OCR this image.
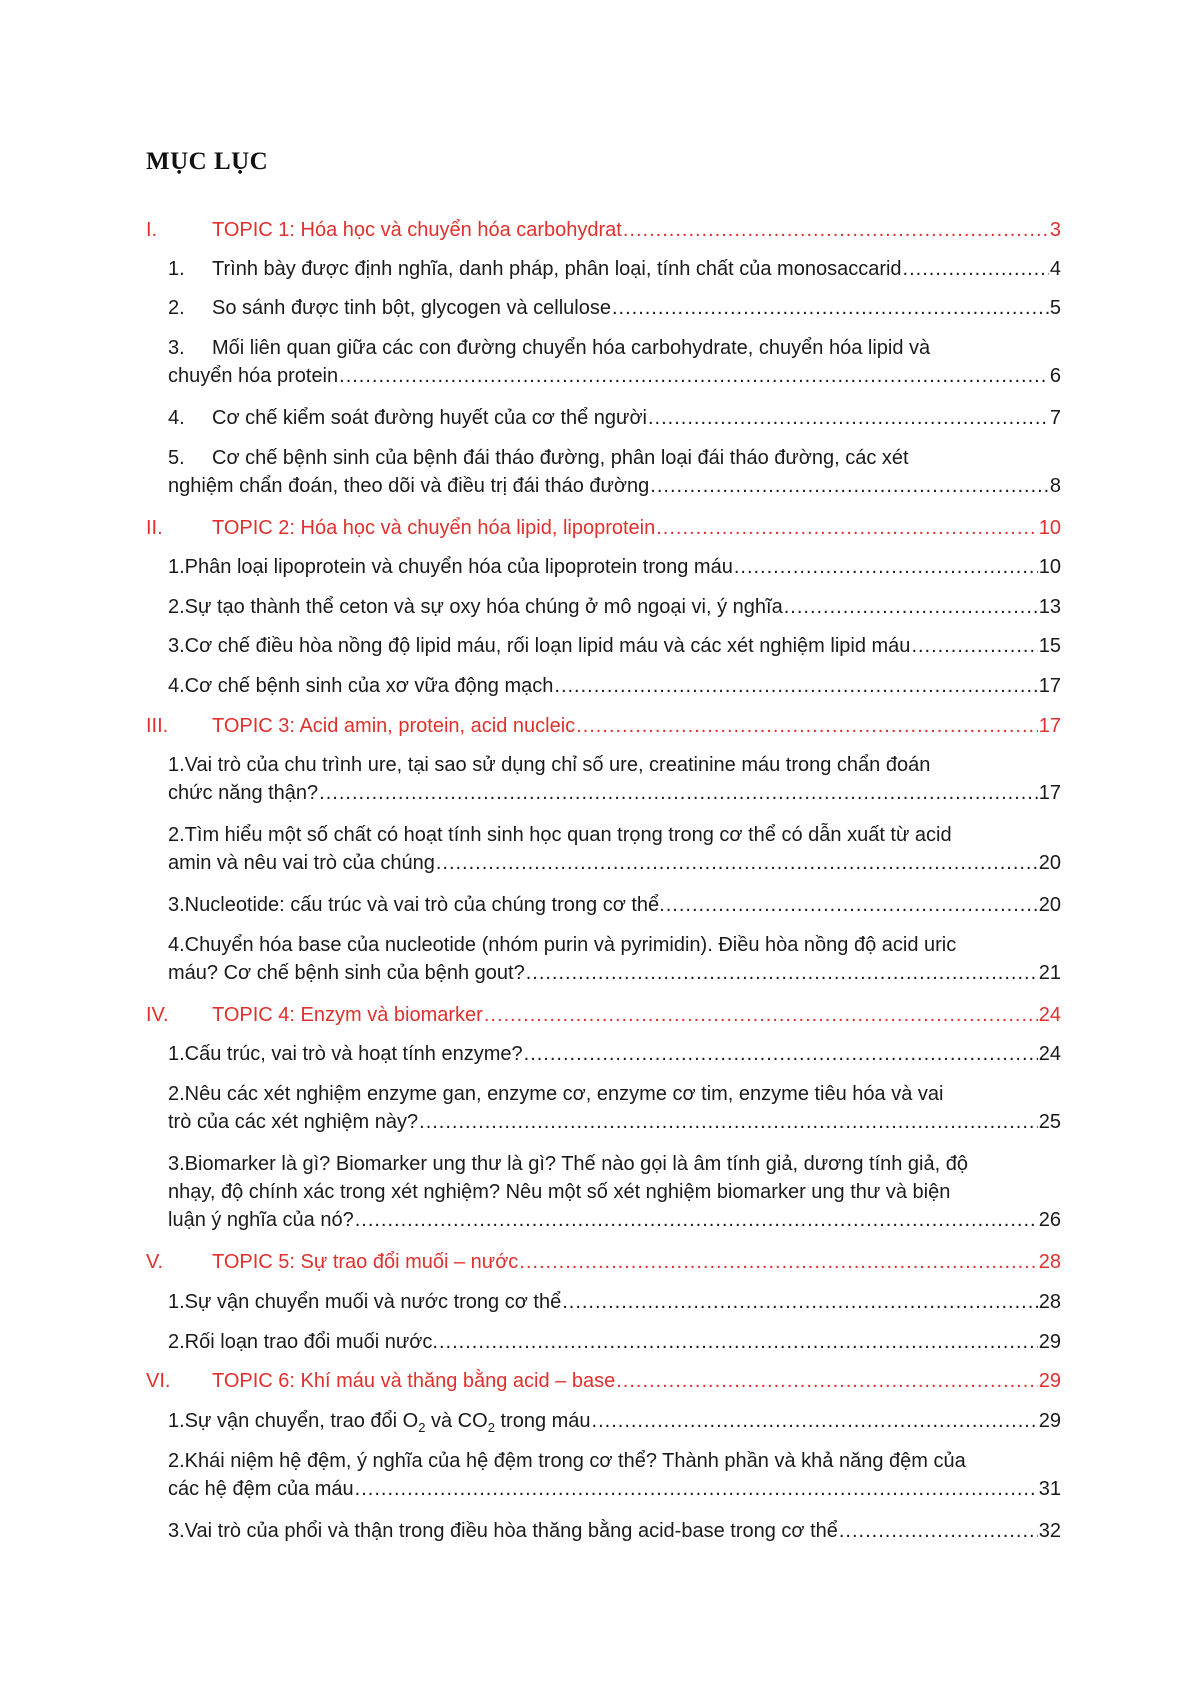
MỤC LỤC
I.	TOPIC 1: Hóa học và chuyển hóa carbohydrat .....	3
1.	Trình bày được định nghĩa, danh pháp, phân loại, tính chất của monosaccarid .....	4
2.	So sánh được tinh bột, glycogen và cellulose .....	5
3. Mối liên quan giữa các con đường chuyển hóa carbohydrate, chuyển hóa lipid và
chuyển hóa protein .....	6
4.	Cơ chế kiểm soát đường huyết của cơ thể người .....	7
5. Cơ chế bệnh sinh của bệnh đái tháo đường, phân loại đái tháo đường, các xét
nghiệm chẩn đoán, theo dõi và điều trị đái tháo đường .....	8
II.	TOPIC 2: Hóa học và chuyển hóa lipid, lipoprotein .....	10
1.Phân loại lipoprotein và chuyển hóa của lipoprotein trong máu .....	10
2.Sự tạo thành thể ceton và sự oxy hóa chúng ở mô ngoại vi, ý nghĩa .....	13
3.Cơ chế điều hòa nồng độ lipid máu, rối loạn lipid máu và các xét nghiệm lipid máu .....	15
4.Cơ chế bệnh sinh của xơ vữa động mạch .....	17
III.	TOPIC 3: Acid amin, protein, acid nucleic .....	17
1.Vai trò của chu trình ure, tại sao sử dụng chỉ số ure, creatinine máu trong chẩn đoán
chức năng thận? .....	17
2.Tìm hiểu một số chất có hoạt tính sinh học quan trọng trong cơ thể có dẫn xuất từ acid
amin và nêu vai trò của chúng .....	20
3.Nucleotide: cấu trúc và vai trò của chúng trong cơ thể. .....	20
4.Chuyển hóa base của nucleotide (nhóm purin và pyrimidin). Điều hòa nồng độ acid uric
máu? Cơ chế bệnh sinh của bệnh gout? .....	21
IV.	TOPIC 4: Enzym và biomarker .....	24
1.Cấu trúc, vai trò và hoạt tính enzyme? .....	24
2.Nêu các xét nghiệm enzyme gan, enzyme cơ, enzyme cơ tim, enzyme tiêu hóa và vai
trò của các xét nghiệm này? .....	25
3.Biomarker là gì? Biomarker ung thư là gì? Thế nào gọi là âm tính giả, dương tính giả, độ
nhạy, độ chính xác trong xét nghiệm? Nêu một số xét nghiệm biomarker ung thư và biện
luận ý nghĩa của nó? .....	26
V.	TOPIC 5: Sự trao đổi muối – nước .....	28
1.Sự vận chuyển muối và nước trong cơ thể .....	28
2.Rối loạn trao đổi muối nước. .....	29
VI.	TOPIC 6: Khí máu và thăng bằng acid – base .....	29
1.Sự vận chuyển, trao đổi $O_2$ và $CO_2$ trong máu .....	29
2.Khái niệm hệ đệm, ý nghĩa của hệ đệm trong cơ thể? Thành phần và khả năng đệm của
các hệ đệm của máu .....	31
3.Vai trò của phổi và thận trong điều hòa thăng bằng acid-base trong cơ thể .....	32
